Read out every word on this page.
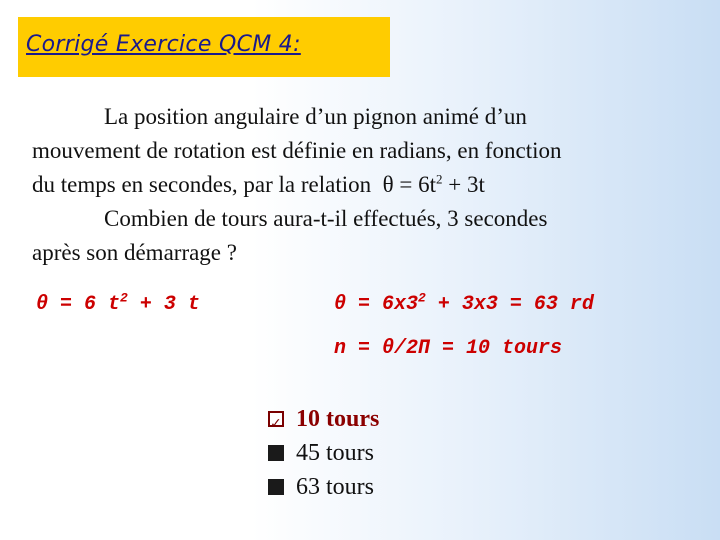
Corrigé Exercice QCM 4:
La position angulaire d’un pignon animé d’un
mouvement de rotation est définie en radians, en fonction
du temps en secondes, par la relation $\theta = 6t^2 + 3t$
Combien de tours aura-t-il effectués, 3 secondes
après son démarrage ?
θ = 6 $t^2 + 3$ t	$\theta = 6x3^2 + 3x3 = 63$ rd
n = θ/2Π = 10 tours
✓
10 tours
45 tours
63 tours
